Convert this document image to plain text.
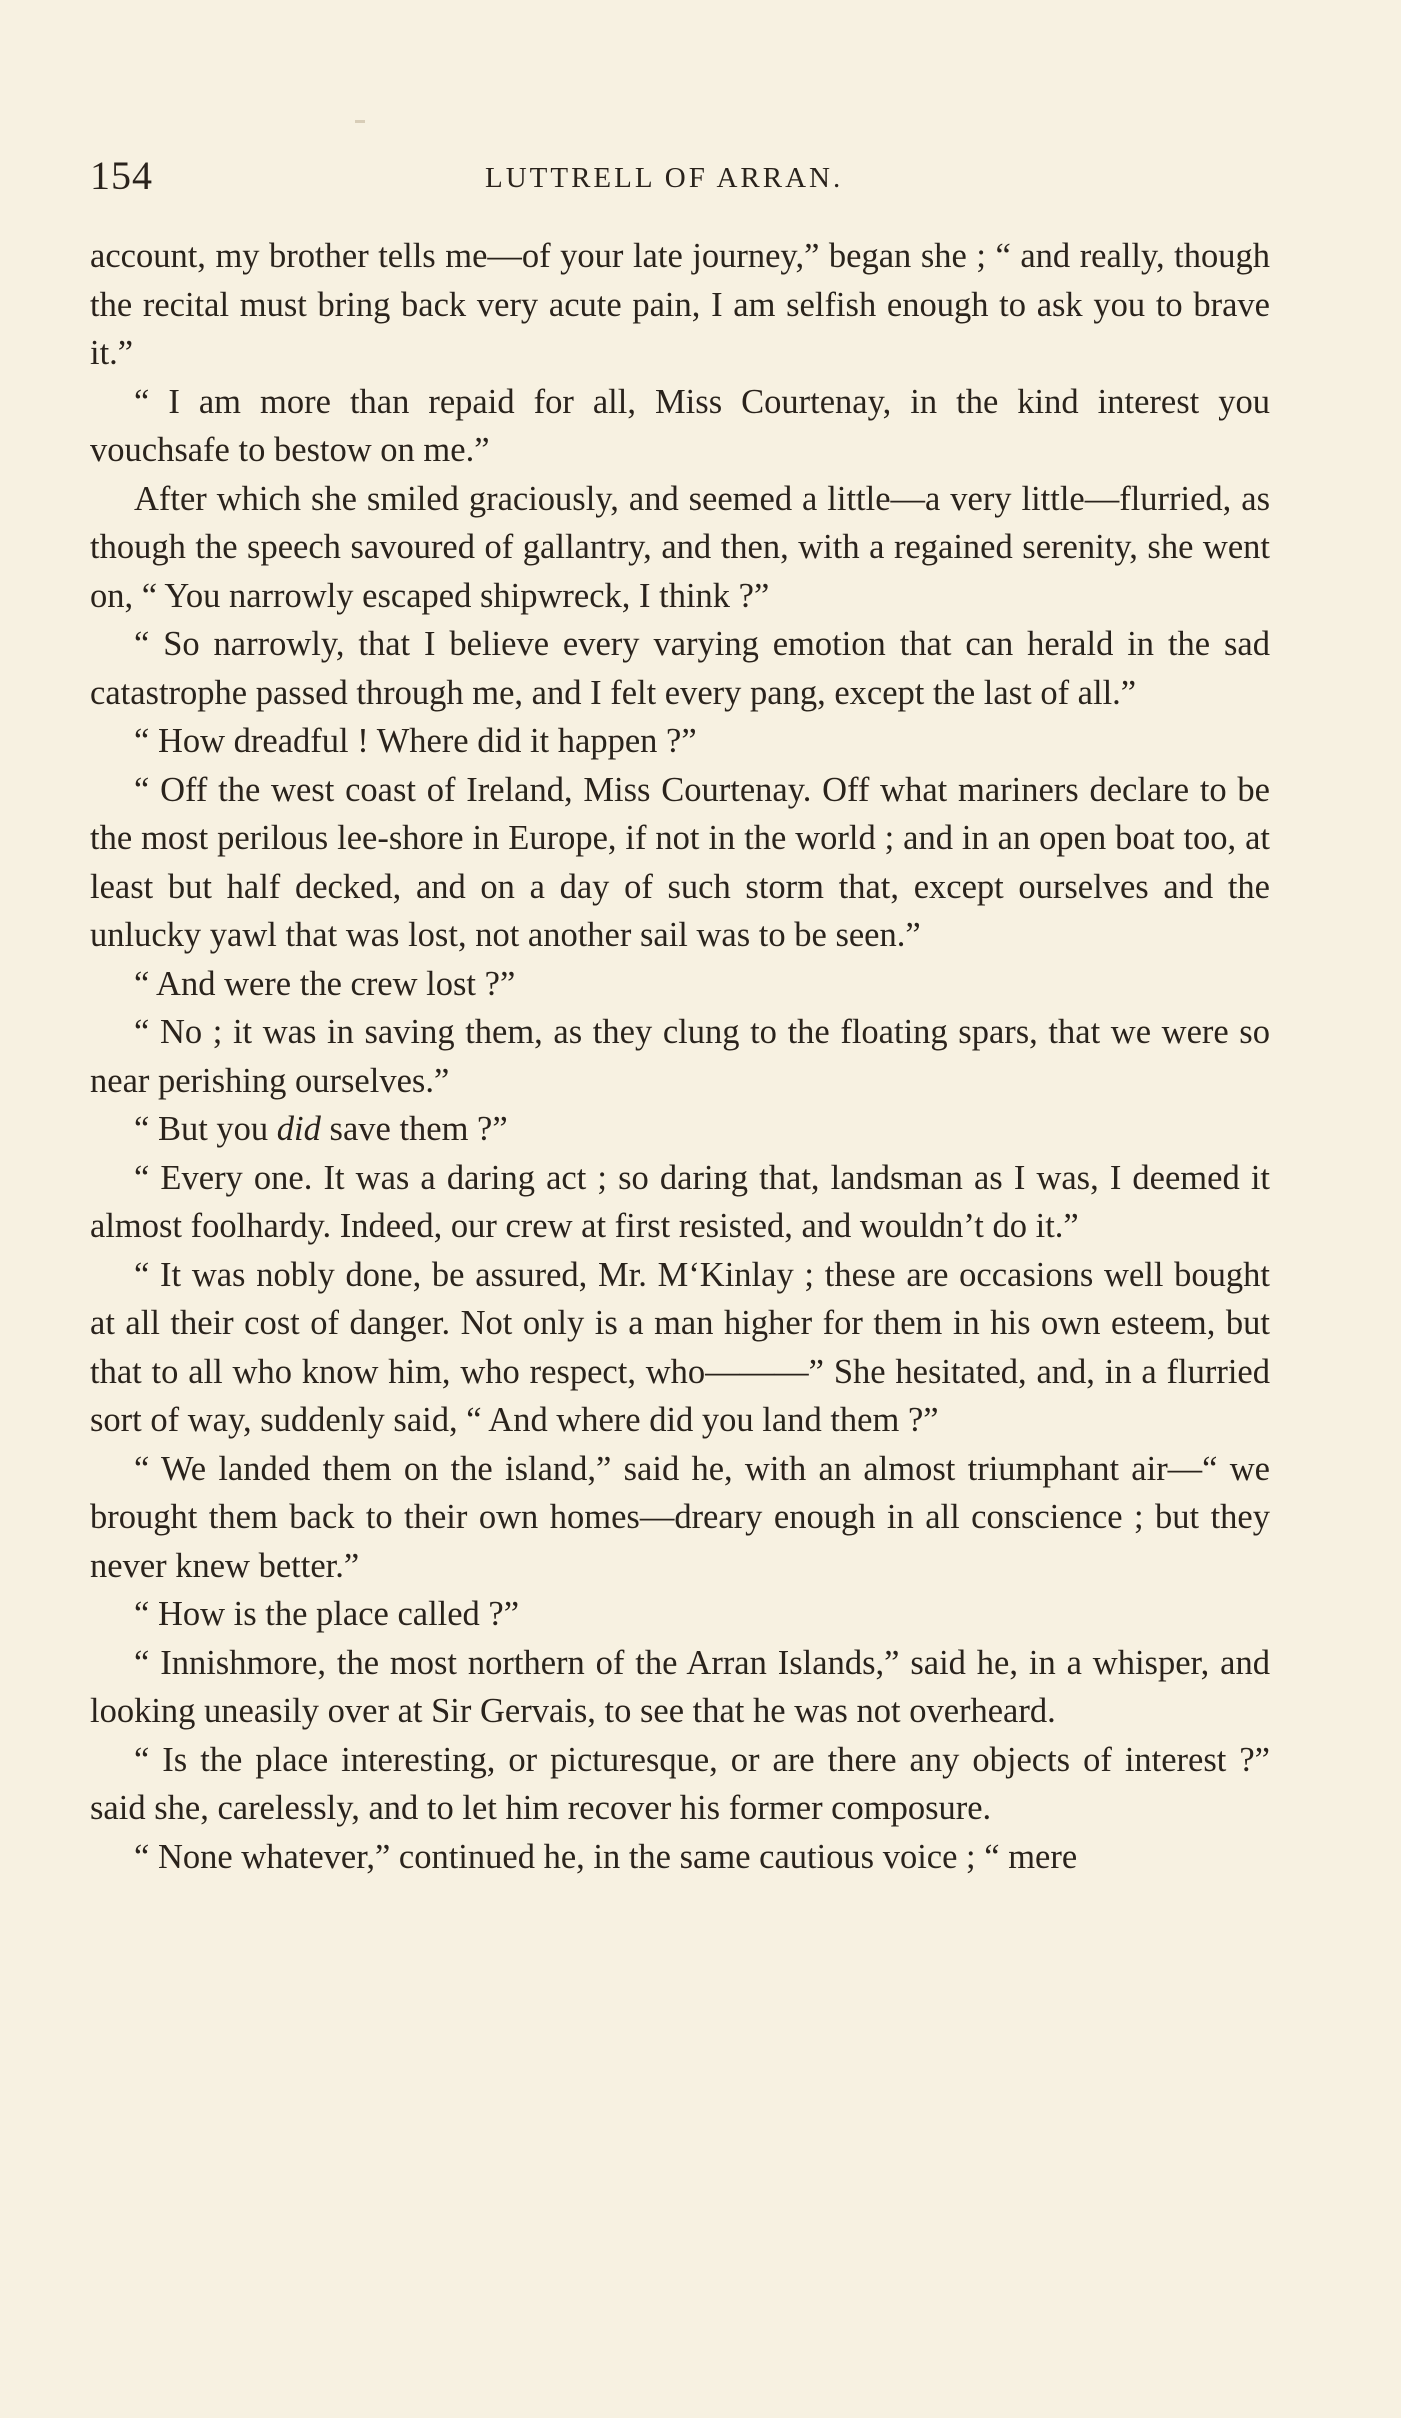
154	LUTTRELL OF ARRAN.

account, my brother tells me—of your late journey,” began she ; “ and really, though the recital must bring back very acute pain, I am selfish enough to ask you to brave it.”

“ I am more than repaid for all, Miss Courtenay, in the kind interest you vouchsafe to bestow on me.”

After which she smiled graciously, and seemed a little—a very little—flurried, as though the speech savoured of gallantry, and then, with a regained serenity, she went on, “ You narrowly escaped shipwreck, I think ?”

“ So narrowly, that I believe every varying emotion that can herald in the sad catastrophe passed through me, and I felt every pang, except the last of all.”

“ How dreadful ! Where did it happen ?”

“ Off the west coast of Ireland, Miss Courtenay. Off what mariners declare to be the most perilous lee-shore in Europe, if not in the world ; and in an open boat too, at least but half decked, and on a day of such storm that, except ourselves and the unlucky yawl that was lost, not another sail was to be seen.”

“ And were the crew lost ?”

“ No ; it was in saving them, as they clung to the floating spars, that we were so near perishing ourselves.”

“ But you did save them ?”

“ Every one. It was a daring act ; so daring that, landsman as I was, I deemed it almost foolhardy. Indeed, our crew at first resisted, and wouldn’t do it.”

“ It was nobly done, be assured, Mr. M‘Kinlay ; these are occasions well bought at all their cost of danger. Not only is a man higher for them in his own esteem, but that to all who know him, who respect, who———” She hesitated, and, in a flurried sort of way, suddenly said, “ And where did you land them ?”

“ We landed them on the island,” said he, with an almost triumphant air—“ we brought them back to their own homes—dreary enough in all conscience ; but they never knew better.”

“ How is the place called ?”

“ Innishmore, the most northern of the Arran Islands,” said he, in a whisper, and looking uneasily over at Sir Gervais, to see that he was not overheard.

“ Is the place interesting, or picturesque, or are there any objects of interest ?” said she, carelessly, and to let him recover his former composure.

“ None whatever,” continued he, in the same cautious voice ; “ mere
